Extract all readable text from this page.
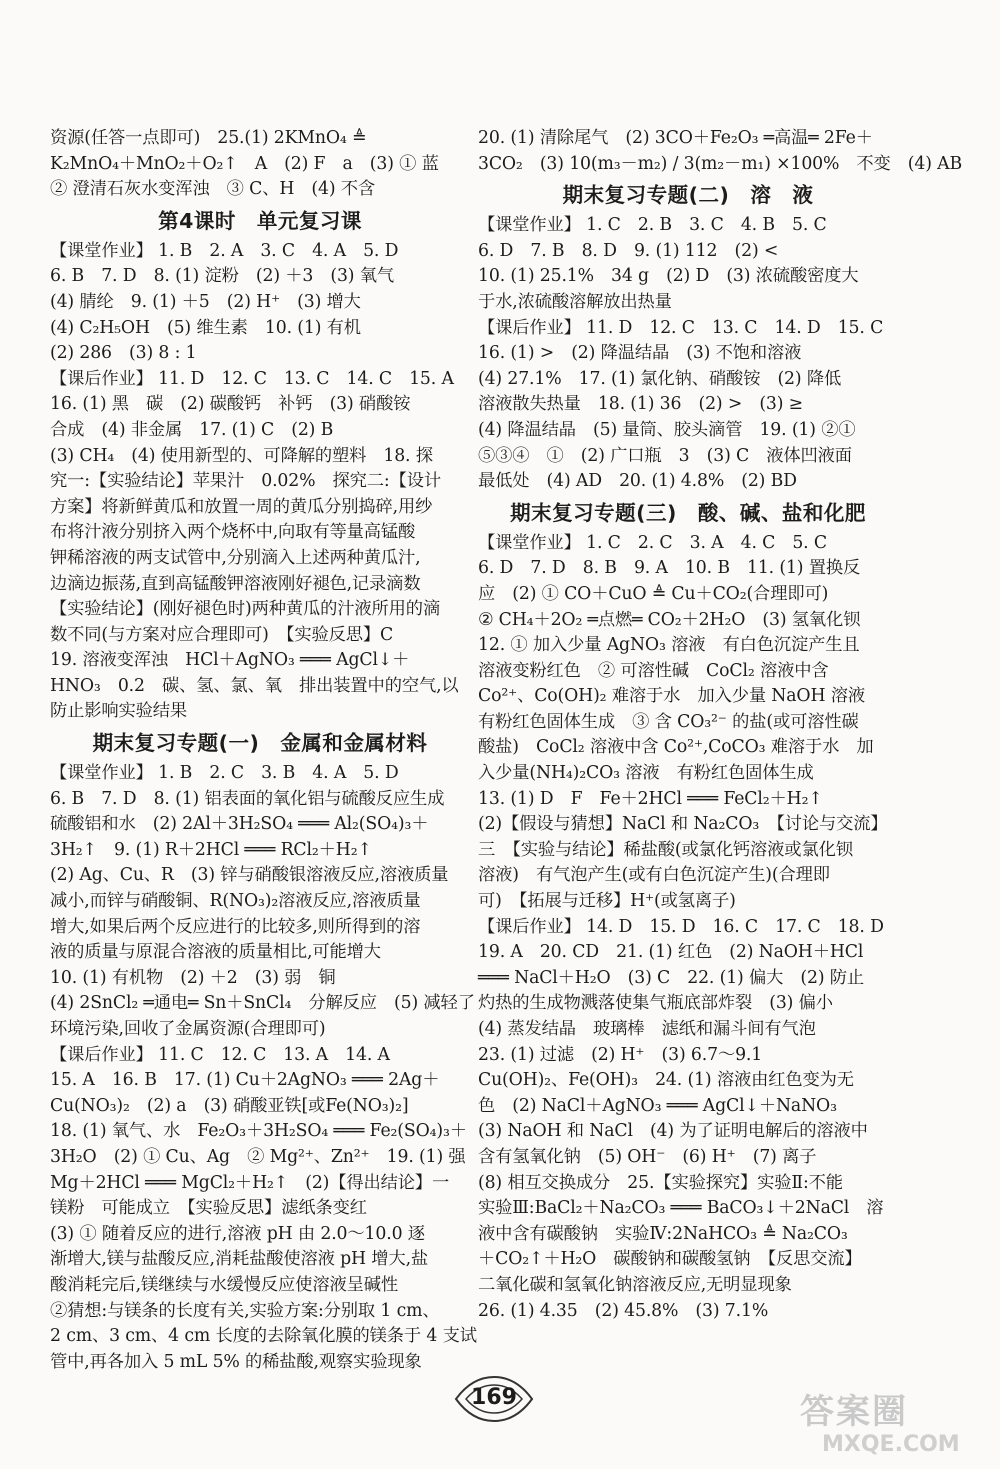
资源(任答一点即可)　25.(1) 2KMnO₄ ≜
K₂MnO₄＋MnO₂＋O₂↑　A　(2) F　a　(3) ① 蓝
② 澄清石灰水变浑浊　③ C、H　(4) 不含
第4课时　单元复习课
【课堂作业】 1. B　2. A　3. C　4. A　5. D
6. B　7. D　8. (1) 淀粉　(2) ＋3　(3) 氧气
(4) 腈纶　9. (1) ＋5　(2) H⁺　(3) 增大
(4) C₂H₅OH　(5) 维生素　10. (1) 有机
(2) 286　(3) 8 : 1
【课后作业】 11. D　12. C　13. C　14. C　15. A
16. (1) 黑　碳　(2) 碳酸钙　补钙　(3) 硝酸铵
合成　(4) 非金属　17. (1) C　(2) B
(3) CH₄　(4) 使用新型的、可降解的塑料　18. 探
究一:【实验结论】苹果汁　0.02%　探究二:【设计
方案】将新鲜黄瓜和放置一周的黄瓜分别捣碎,用纱
布将汁液分别挤入两个烧杯中,向取有等量高锰酸
钾稀溶液的两支试管中,分别滴入上述两种黄瓜汁,
边滴边振荡,直到高锰酸钾溶液刚好褪色,记录滴数
【实验结论】(刚好褪色时)两种黄瓜的汁液所用的滴
数不同(与方案对应合理即可)　【实验反思】C
19. 溶液变浑浊　HCl＋AgNO₃ ═══ AgCl↓＋
HNO₃　0.2　碳、氢、氯、氧　排出装置中的空气,以
防止影响实验结果
期末复习专题(一)　金属和金属材料
【课堂作业】 1. B　2. C　3. B　4. A　5. D
6. B　7. D　8. (1) 铝表面的氧化铝与硫酸反应生成
硫酸铝和水　(2) 2Al＋3H₂SO₄ ═══ Al₂(SO₄)₃＋
3H₂↑　9. (1) R＋2HCl ═══ RCl₂＋H₂↑
(2) Ag、Cu、R　(3) 锌与硝酸银溶液反应,溶液质量
减小,而锌与硝酸铜、R(NO₃)₂溶液反应,溶液质量
增大,如果后两个反应进行的比较多,则所得到的溶
液的质量与原混合溶液的质量相比,可能增大
10. (1) 有机物　(2) ＋2　(3) 弱　铜
(4) 2SnCl₂ ═通电═ Sn＋SnCl₄　分解反应　(5) 减轻了
环境污染,回收了金属资源(合理即可)
【课后作业】 11. C　12. C　13. A　14. A
15. A　16. B　17. (1) Cu＋2AgNO₃ ═══ 2Ag＋
Cu(NO₃)₂　(2) a　(3) 硝酸亚铁[或Fe(NO₃)₂]
18. (1) 氧气、水　Fe₂O₃＋3H₂SO₄ ═══ Fe₂(SO₄)₃＋
3H₂O　(2) ① Cu、Ag　② Mg²⁺、Zn²⁺　19. (1) 强
Mg＋2HCl ═══ MgCl₂＋H₂↑　(2)【得出结论】一
镁粉　可能成立　【实验反思】滤纸条变红
(3) ① 随着反应的进行,溶液 pH 由 2.0～10.0 逐
渐增大,镁与盐酸反应,消耗盐酸使溶液 pH 增大,盐
酸消耗完后,镁继续与水缓慢反应使溶液呈碱性
②猜想:与镁条的长度有关,实验方案:分别取 1 cm、
2 cm、3 cm、4 cm 长度的去除氧化膜的镁条于 4 支试
管中,再各加入 5 mL 5% 的稀盐酸,观察实验现象
20. (1) 清除尾气　(2) 3CO＋Fe₂O₃ ═高温═ 2Fe＋
3CO₂　(3) 10(m₃－m₂) / 3(m₂－m₁) ×100%　不变　(4) AB
期末复习专题(二)　溶　液
【课堂作业】 1. C　2. B　3. C　4. B　5. C
6. D　7. B　8. D　9. (1) 112　(2) <
10. (1) 25.1%　34 g　(2) D　(3) 浓硫酸密度大
于水,浓硫酸溶解放出热量
【课后作业】 11. D　12. C　13. C　14. D　15. C
16. (1) >　(2) 降温结晶　(3) 不饱和溶液
(4) 27.1%　17. (1) 氯化钠、硝酸铵　(2) 降低
溶液散失热量　18. (1) 36　(2) >　(3) ≥
(4) 降温结晶　(5) 量筒、胶头滴管　19. (1) ②①
⑤③④　①　(2) 广口瓶　3　(3) C　液体凹液面
最低处　(4) AD　20. (1) 4.8%　(2) BD
期末复习专题(三)　酸、碱、盐和化肥
【课堂作业】 1. C　2. C　3. A　4. C　5. C
6. D　7. D　8. B　9. A　10. B　11. (1) 置换反
应　(2) ① CO＋CuO ≜ Cu＋CO₂(合理即可)
② CH₄＋2O₂ ═点燃═ CO₂＋2H₂O　(3) 氢氧化钡
12. ① 加入少量 AgNO₃ 溶液　有白色沉淀产生且
溶液变粉红色　② 可溶性碱　CoCl₂ 溶液中含
Co²⁺、Co(OH)₂ 难溶于水　加入少量 NaOH 溶液
有粉红色固体生成　③ 含 CO₃²⁻ 的盐(或可溶性碳
酸盐)　CoCl₂ 溶液中含 Co²⁺,CoCO₃ 难溶于水　加
入少量(NH₄)₂CO₃ 溶液　有粉红色固体生成
13. (1) D　F　Fe＋2HCl ═══ FeCl₂＋H₂↑
(2)【假设与猜想】NaCl 和 Na₂CO₃　【讨论与交流】
三　【实验与结论】稀盐酸(或氯化钙溶液或氯化钡
溶液)　有气泡产生(或有白色沉淀产生)(合理即
可)　【拓展与迁移】H⁺(或氢离子)
【课后作业】 14. D　15. D　16. C　17. C　18. D
19. A　20. CD　21. (1) 红色　(2) NaOH＋HCl
═══ NaCl＋H₂O　(3) C　22. (1) 偏大　(2) 防止
灼热的生成物溅落使集气瓶底部炸裂　(3) 偏小
(4) 蒸发结晶　玻璃棒　滤纸和漏斗间有气泡
23. (1) 过滤　(2) H⁺　(3) 6.7～9.1
Cu(OH)₂、Fe(OH)₃　24. (1) 溶液由红色变为无
色　(2) NaCl＋AgNO₃ ═══ AgCl↓＋NaNO₃
(3) NaOH 和 NaCl　(4) 为了证明电解后的溶液中
含有氢氧化钠　(5) OH⁻　(6) H⁺　(7) 离子
(8) 相互交换成分　25.【实验探究】实验Ⅱ:不能
实验Ⅲ:BaCl₂＋Na₂CO₃ ═══ BaCO₃↓＋2NaCl　溶
液中含有碳酸钠　实验Ⅳ:2NaHCO₃ ≜ Na₂CO₃
＋CO₂↑＋H₂O　碳酸钠和碳酸氢钠　【反思交流】
二氧化碳和氢氧化钠溶液反应,无明显现象
26. (1) 4.35　(2) 45.8%　(3) 7.1%
169	答案圈
MXQE.COM
